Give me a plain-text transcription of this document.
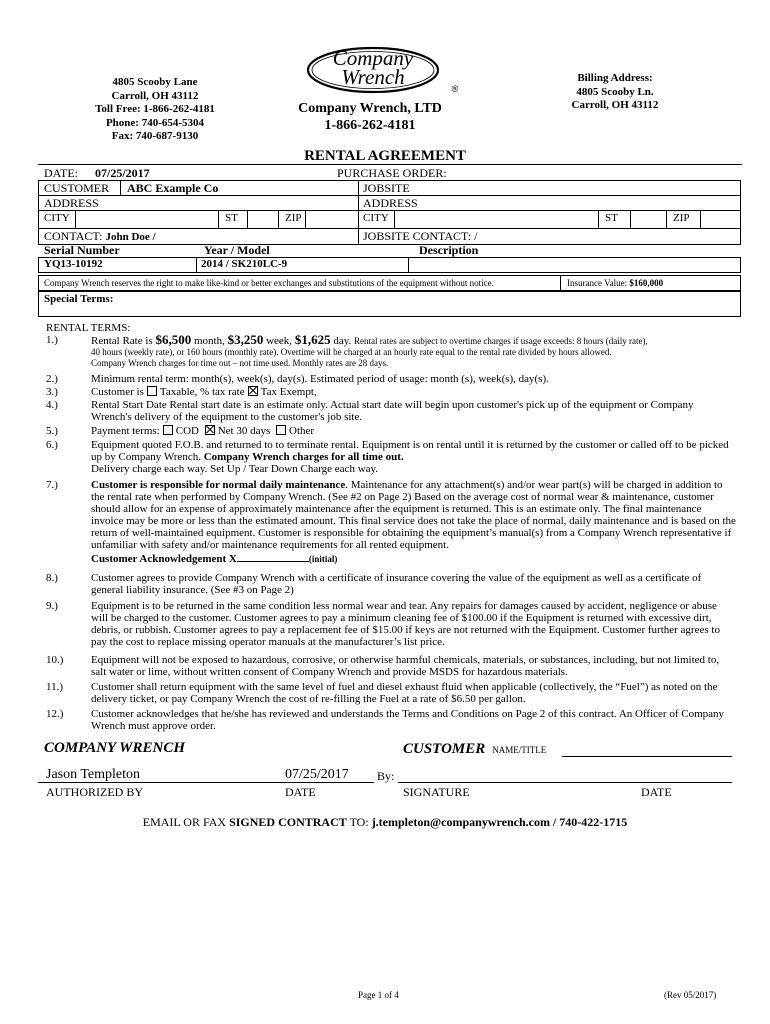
4805 Scooby Lane
Carroll, OH 43112
Toll Free: 1-866-262-4181
Phone: 740-654-5304
Fax: 740-687-9130
Company
Wrench	®
Company Wrench, LTD
1-866-262-4181
Billing Address:
4805 Scooby Ln.
Carroll, OH 43112
RENTAL AGREEMENT
DATE: 07/25/2017	PURCHASE ORDER:
CUSTOMER ABC Example Co	JOBSITE
ADDRESS	ADDRESS
CITY	ST	ZIP	CITY	ST	ZIP
CONTACT: John Doe /	JOBSITE CONTACT: /
Serial Number	Year / Model	Description
YQ13-10192	2014 / SK210LC-9
Company Wrench reserves the right to make like-kind or better exchanges and substitutions of the equipment without notice.	Insurance Value: $160,000
Special Terms:
RENTAL TERMS:
1.)	Rental Rate is $6,500 month, $3,250 week, $1,625 day. Rental rates are subject to overtime charges if usage exceeds: 8 hours (daily rate),
40 hours (weekly rate), or 160 hours (monthly rate). Overtime will be charged at an hourly rate equal to the rental rate divided by hours allowed.
Company Wrench charges for time out – not time used. Monthly rates are 28 days.
2.)	Minimum rental term: month(s), week(s), day(s). Estimated period of usage: month (s), week(s), day(s).
3.)	Customer is Taxable, % tax rate Tax Exempt,
4.)	Rental Start Date Rental start date is an estimate only. Actual start date will begin upon customer's pick up of the equipment or Company Wrench's delivery of the equipment to the customer's job site.
5.)	Payment terms: COD Net 30 days Other
6.)	Equipment quoted F.O.B. and returned to to terminate rental. Equipment is on rental until it is returned by the customer or called off to be picked up by Company Wrench. Company Wrench charges for all time out.
Delivery charge each way. Set Up / Tear Down Charge each way.
7.)	Customer is responsible for normal daily maintenance. Maintenance for any attachment(s) and/or wear part(s) will be charged in addition to the rental rate when performed by Company Wrench. (See #2 on Page 2) Based on the average cost of normal wear & maintenance, customer should allow for an expense of approximately maintenance after the equipment is returned. This is an estimate only. The final maintenance invoice may be more or less than the estimated amount. This final service does not take the place of normal, daily maintenance and is based on the return of well-maintained equipment. Customer is responsible for obtaining the equipment’s manual(s) from a Company Wrench representative if unfamiliar with safety and/or maintenance requirements for all rented equipment.
Customer Acknowledgement X	(initial)
8.)	Customer agrees to provide Company Wrench with a certificate of insurance covering the value of the equipment as well as a certificate of general liability insurance. (See #3 on Page 2)
9.)	Equipment is to be returned in the same condition less normal wear and tear. Any repairs for damages caused by accident, negligence or abuse will be charged to the customer. Customer agrees to pay a minimum cleaning fee of $100.00 if the Equipment is returned with excessive dirt, debris, or rubbish. Customer agrees to pay a replacement fee of $15.00 if keys are not returned with the Equipment. Customer further agrees to pay the cost to replace missing operator manuals at the manufacturer’s list price.
10.)	Equipment will not be exposed to hazardous, corrosive, or otherwise harmful chemicals, materials, or substances, including, but not limited to, salt water or lime, without written consent of Company Wrench and provide MSDS for hazardous materials.
11.)	Customer shall return equipment with the same level of fuel and diesel exhaust fluid when applicable (collectively, the “Fuel”) as noted on the delivery ticket, or pay Company Wrench the cost of re-filling the Fuel at a rate of $6.50 per gallon.
12.)	Customer acknowledges that he/she has reviewed and understands the Terms and Conditions on Page 2 of this contract. An Officer of Company Wrench must approve order.
COMPANY WRENCH	CUSTOMER NAME/TITLE
Jason Templeton	07/25/2017 By:
AUTHORIZED BY	DATE	SIGNATURE	DATE
EMAIL OR FAX SIGNED CONTRACT TO: j.templeton@companywrench.com / 740-422-1715
Page 1 of 4	(Rev 05/2017)
